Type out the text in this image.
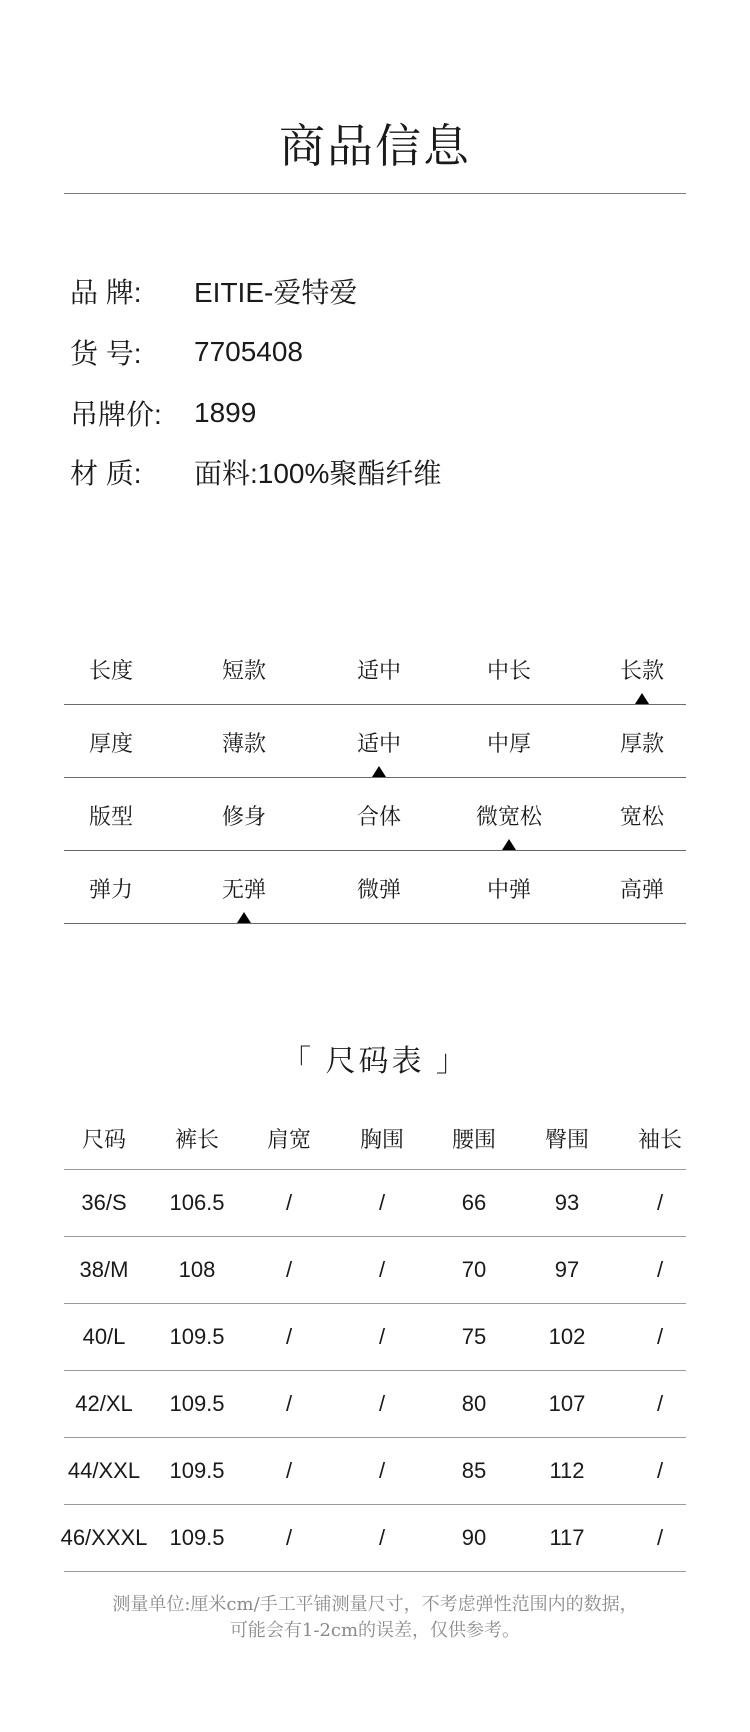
商品信息
品 牌:	EITIE-爱特爱
货 号:	7705408
吊牌价:	1899
材 质:	面料:100%聚酯纤维
长度	短款	适中	中长	长款
厚度	薄款	适中	中厚	厚款
版型	修身	合体	微宽松	宽松
弹力	无弹	微弹	中弹	高弹
「 尺码表 」
尺码	裤长	肩宽	胸围	腰围	臀围	袖长
36/S	106.5	/	/	66	93	/
38/M	108	/	/	70	97	/
40/L	109.5	/	/	75	102	/
42/XL	109.5	/	/	80	107	/
44/XXL	109.5	/	/	85	112	/
46/XXXL	109.5	/	/	90	117	/
测量单位:厘米cm/手工平铺测量尺寸，不考虑弹性范围内的数据，
可能会有1-2cm的误差，仅供参考。
